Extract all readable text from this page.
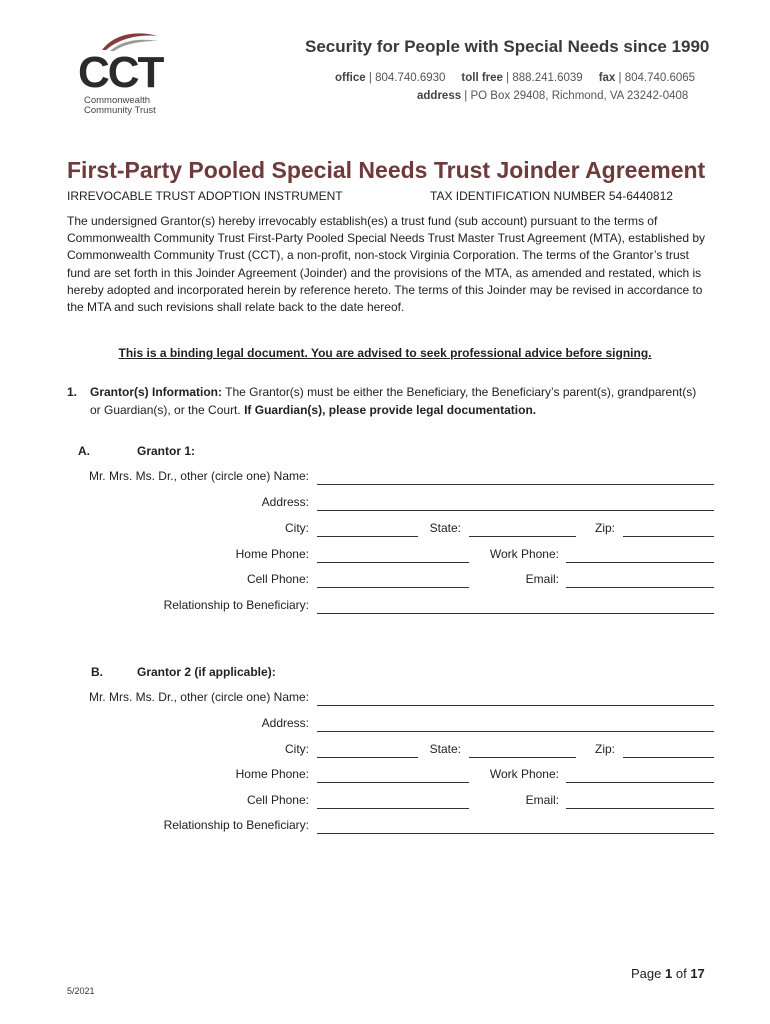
CCT
Commonwealth
Community Trust
Security for People with Special Needs since 1990
office | 804.740.6930 toll free | 888.241.6039 fax | 804.740.6065
address | PO Box 29408, Richmond, VA 23242-0408
First-Party Pooled Special Needs Trust Joinder Agreement
IRREVOCABLE TRUST ADOPTION INSTRUMENT	TAX IDENTIFICATION NUMBER 54-6440812
The undersigned Grantor(s) hereby irrevocably establish(es) a trust fund (sub account) pursuant to the terms of Commonwealth Community Trust First-Party Pooled Special Needs Trust Master Trust Agreement (MTA), established by Commonwealth Community Trust (CCT), a non-profit, non-stock Virginia Corporation. The terms of the Grantor’s trust fund are set forth in this Joinder Agreement (Joinder) and the provisions of the MTA, as amended and restated, which is hereby adopted and incorporated herein by reference hereto. The terms of this Joinder may be revised in accordance to the MTA and such revisions shall relate back to the date hereof.
This is a binding legal document. You are advised to seek professional advice before signing.
1. Grantor(s) Information: The Grantor(s) must be either the Beneficiary, the Beneficiary’s parent(s), grandparent(s) or Guardian(s), or the Court. If Guardian(s), please provide legal documentation.
A.	Grantor 1:
Mr. Mrs. Ms. Dr., other (circle one) Name:
Address:
City:	State:	Zip:
Home Phone:	Work Phone:
Cell Phone:	Email:
Relationship to Beneficiary:
B.	Grantor 2 (if applicable):
Mr. Mrs. Ms. Dr., other (circle one) Name:
Address:
City:	State:	Zip:
Home Phone:	Work Phone:
Cell Phone:	Email:
Relationship to Beneficiary:
Page 1 of 17
5/2021
